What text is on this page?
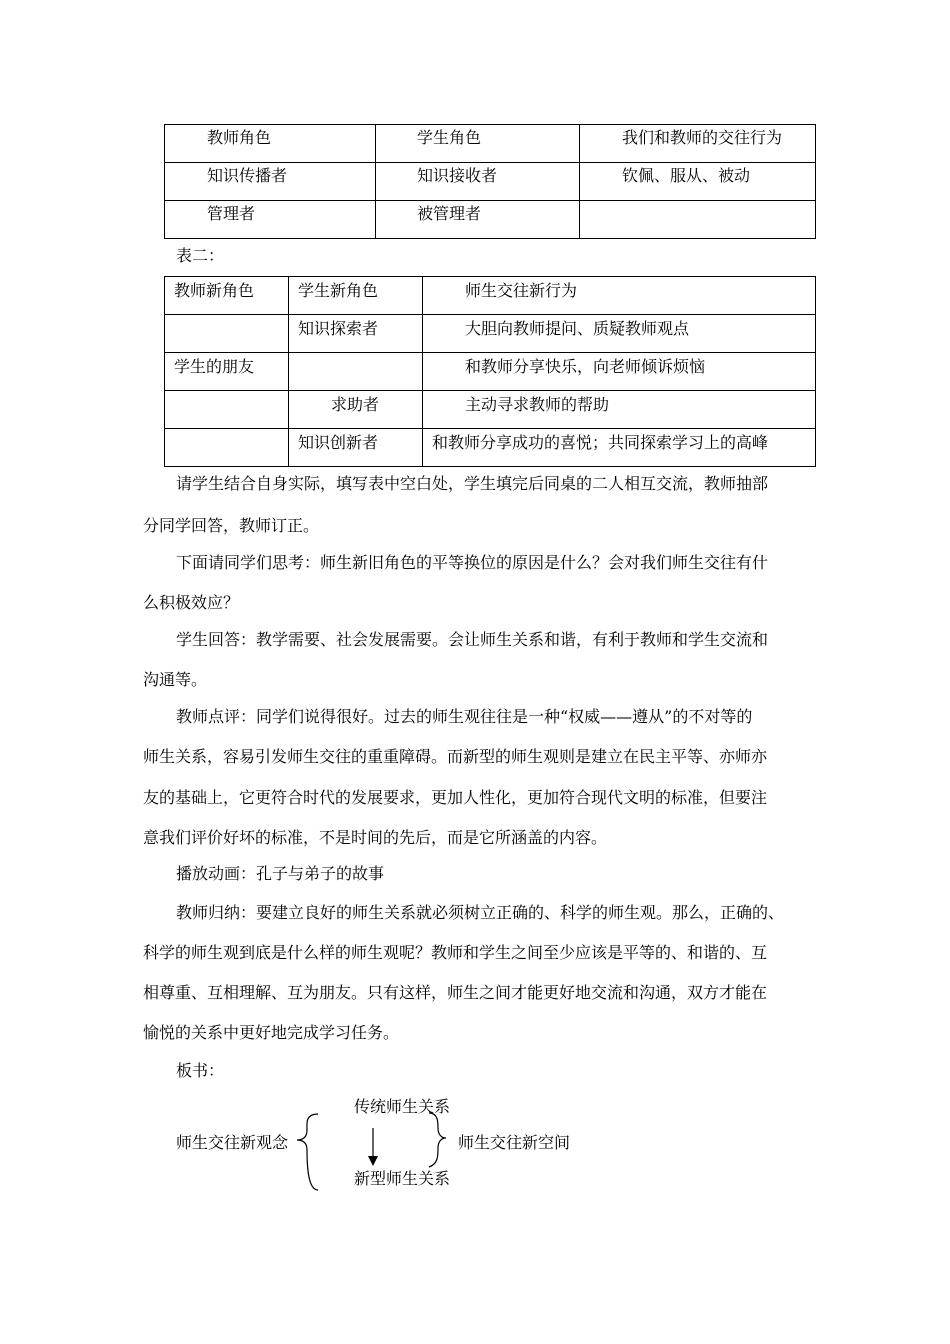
教师角色	学生角色	我们和教师的交往行为

知识传播者	知识接收者	钦佩、服从、被动

管理者	被管理者	

表二：
教师新角色	学生新角色	师生交往新行为

	知识探索者	大胆向教师提问、质疑教师观点

学生的朋友		和教师分享快乐，向老师倾诉烦恼

	求助者	主动寻求教师的帮助

	知识创新者	和教师分享成功的喜悦；共同探索学习上的高峰
请学生结合自身实际，填写表中空白处，学生填完后同桌的二人相互交流，教师抽部
分同学回答，教师订正。
下面请同学们思考：师生新旧角色的平等换位的原因是什么？会对我们师生交往有什
么积极效应？
学生回答：教学需要、社会发展需要。会让师生关系和谐，有利于教师和学生交流和
沟通等。
教师点评：同学们说得很好。过去的师生观往往是一种“权威——遵从”的不对等的
师生关系，容易引发师生交往的重重障碍。而新型的师生观则是建立在民主平等、亦师亦
友的基础上，它更符合时代的发展要求，更加人性化，更加符合现代文明的标准，但要注
意我们评价好坏的标准，不是时间的先后，而是它所涵盖的内容。
播放动画：孔子与弟子的故事
教师归纳：要建立良好的师生关系就必须树立正确的、科学的师生观。那么，正确的、
科学的师生观到底是什么样的师生观呢？教师和学生之间至少应该是平等的、和谐的、互
相尊重、互相理解、互为朋友。只有这样，师生之间才能更好地交流和沟通，双方才能在
愉悦的关系中更好地完成学习任务。
板书：
师生交往新观念
传统师生关系
新型师生关系
师生交往新空间
